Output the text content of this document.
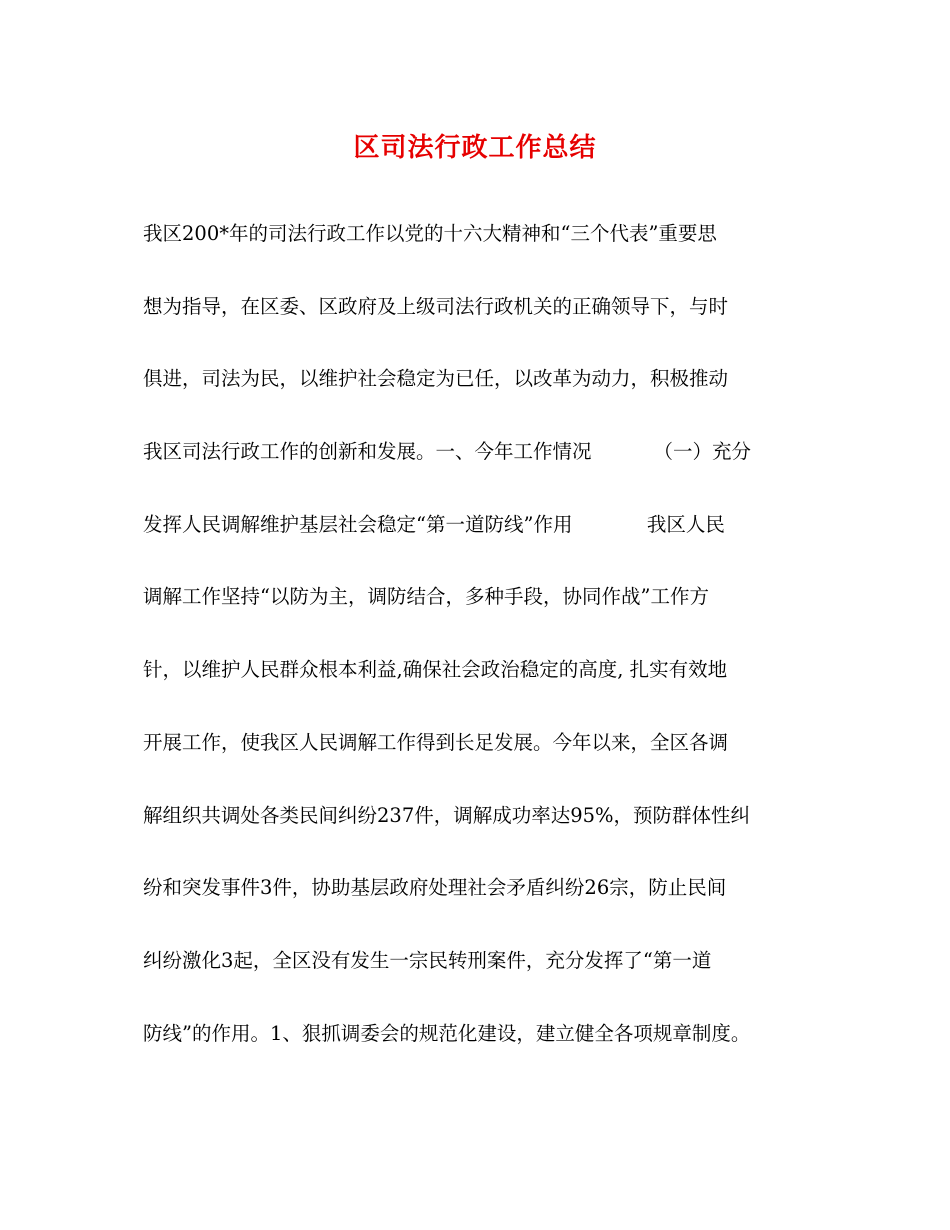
区司法行政工作总结
我区200*年的司法行政工作以党的十六大精神和“三个代表”重要思
想为指导，在区委、区政府及上级司法行政机关的正确领导下，与时
俱进，司法为民，以维护社会稳定为已任，以改革为动力，积极推动
我区司法行政工作的创新和发展。一、今年工作情况          （一）充分
发挥人民调解维护基层社会稳定“第一道防线”作用            我区人民
调解工作坚持“以防为主，调防结合，多种手段，协同作战”工作方
针，以维护人民群众根本利益,确保社会政治稳定的高度, 扎实有效地
开展工作，使我区人民调解工作得到长足发展。今年以来，全区各调
解组织共调处各类民间纠纷237件，调解成功率达95%，预防群体性纠
纷和突发事件3件，协助基层政府处理社会矛盾纠纷26宗，防止民间
纠纷激化3起，全区没有发生一宗民转刑案件，充分发挥了“第一道
防线”的作用。1、狠抓调委会的规范化建设，建立健全各项规章制度。
